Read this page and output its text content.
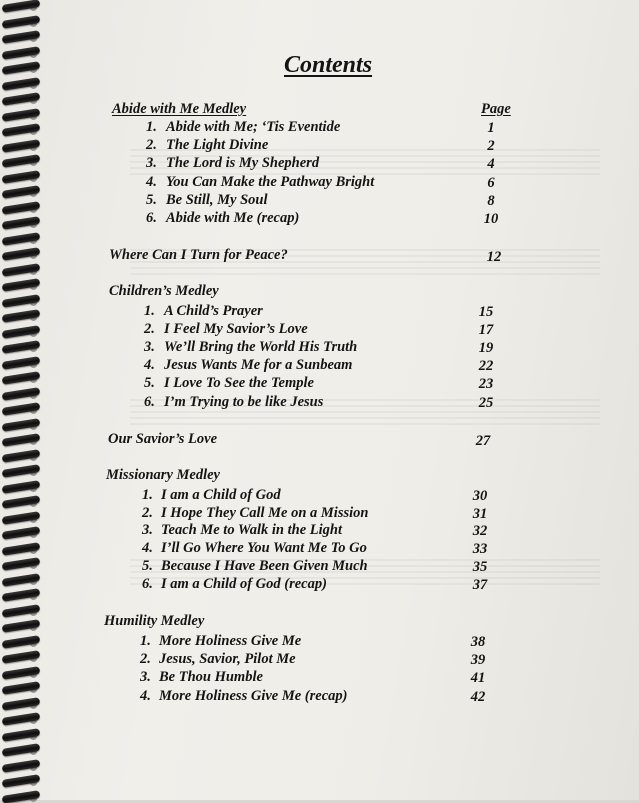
Contents
Page
Abide with Me Medley
1. Abide with Me; ‘Tis Eventide	1
2. The Light Divine	2
3. The Lord is My Shepherd	4
4. You Can Make the Pathway Bright	6
5. Be Still, My Soul	8
6. Abide with Me (recap)	10
Where Can I Turn for Peace?	12
Children’s Medley
1. A Child’s Prayer	15
2. I Feel My Savior’s Love	17
3. We’ll Bring the World His Truth	19
4. Jesus Wants Me for a Sunbeam	22
5. I Love To See the Temple	23
6. I’m Trying to be like Jesus	25
Our Savior’s Love	27
Missionary Medley
1. I am a Child of God	30
2. I Hope They Call Me on a Mission	31
3. Teach Me to Walk in the Light	32
4. I’ll Go Where You Want Me To Go	33
5. Because I Have Been Given Much	35
6. I am a Child of God (recap)	37
Humility Medley
1. More Holiness Give Me	38
2. Jesus, Savior, Pilot Me	39
3. Be Thou Humble	41
4. More Holiness Give Me (recap)	42
